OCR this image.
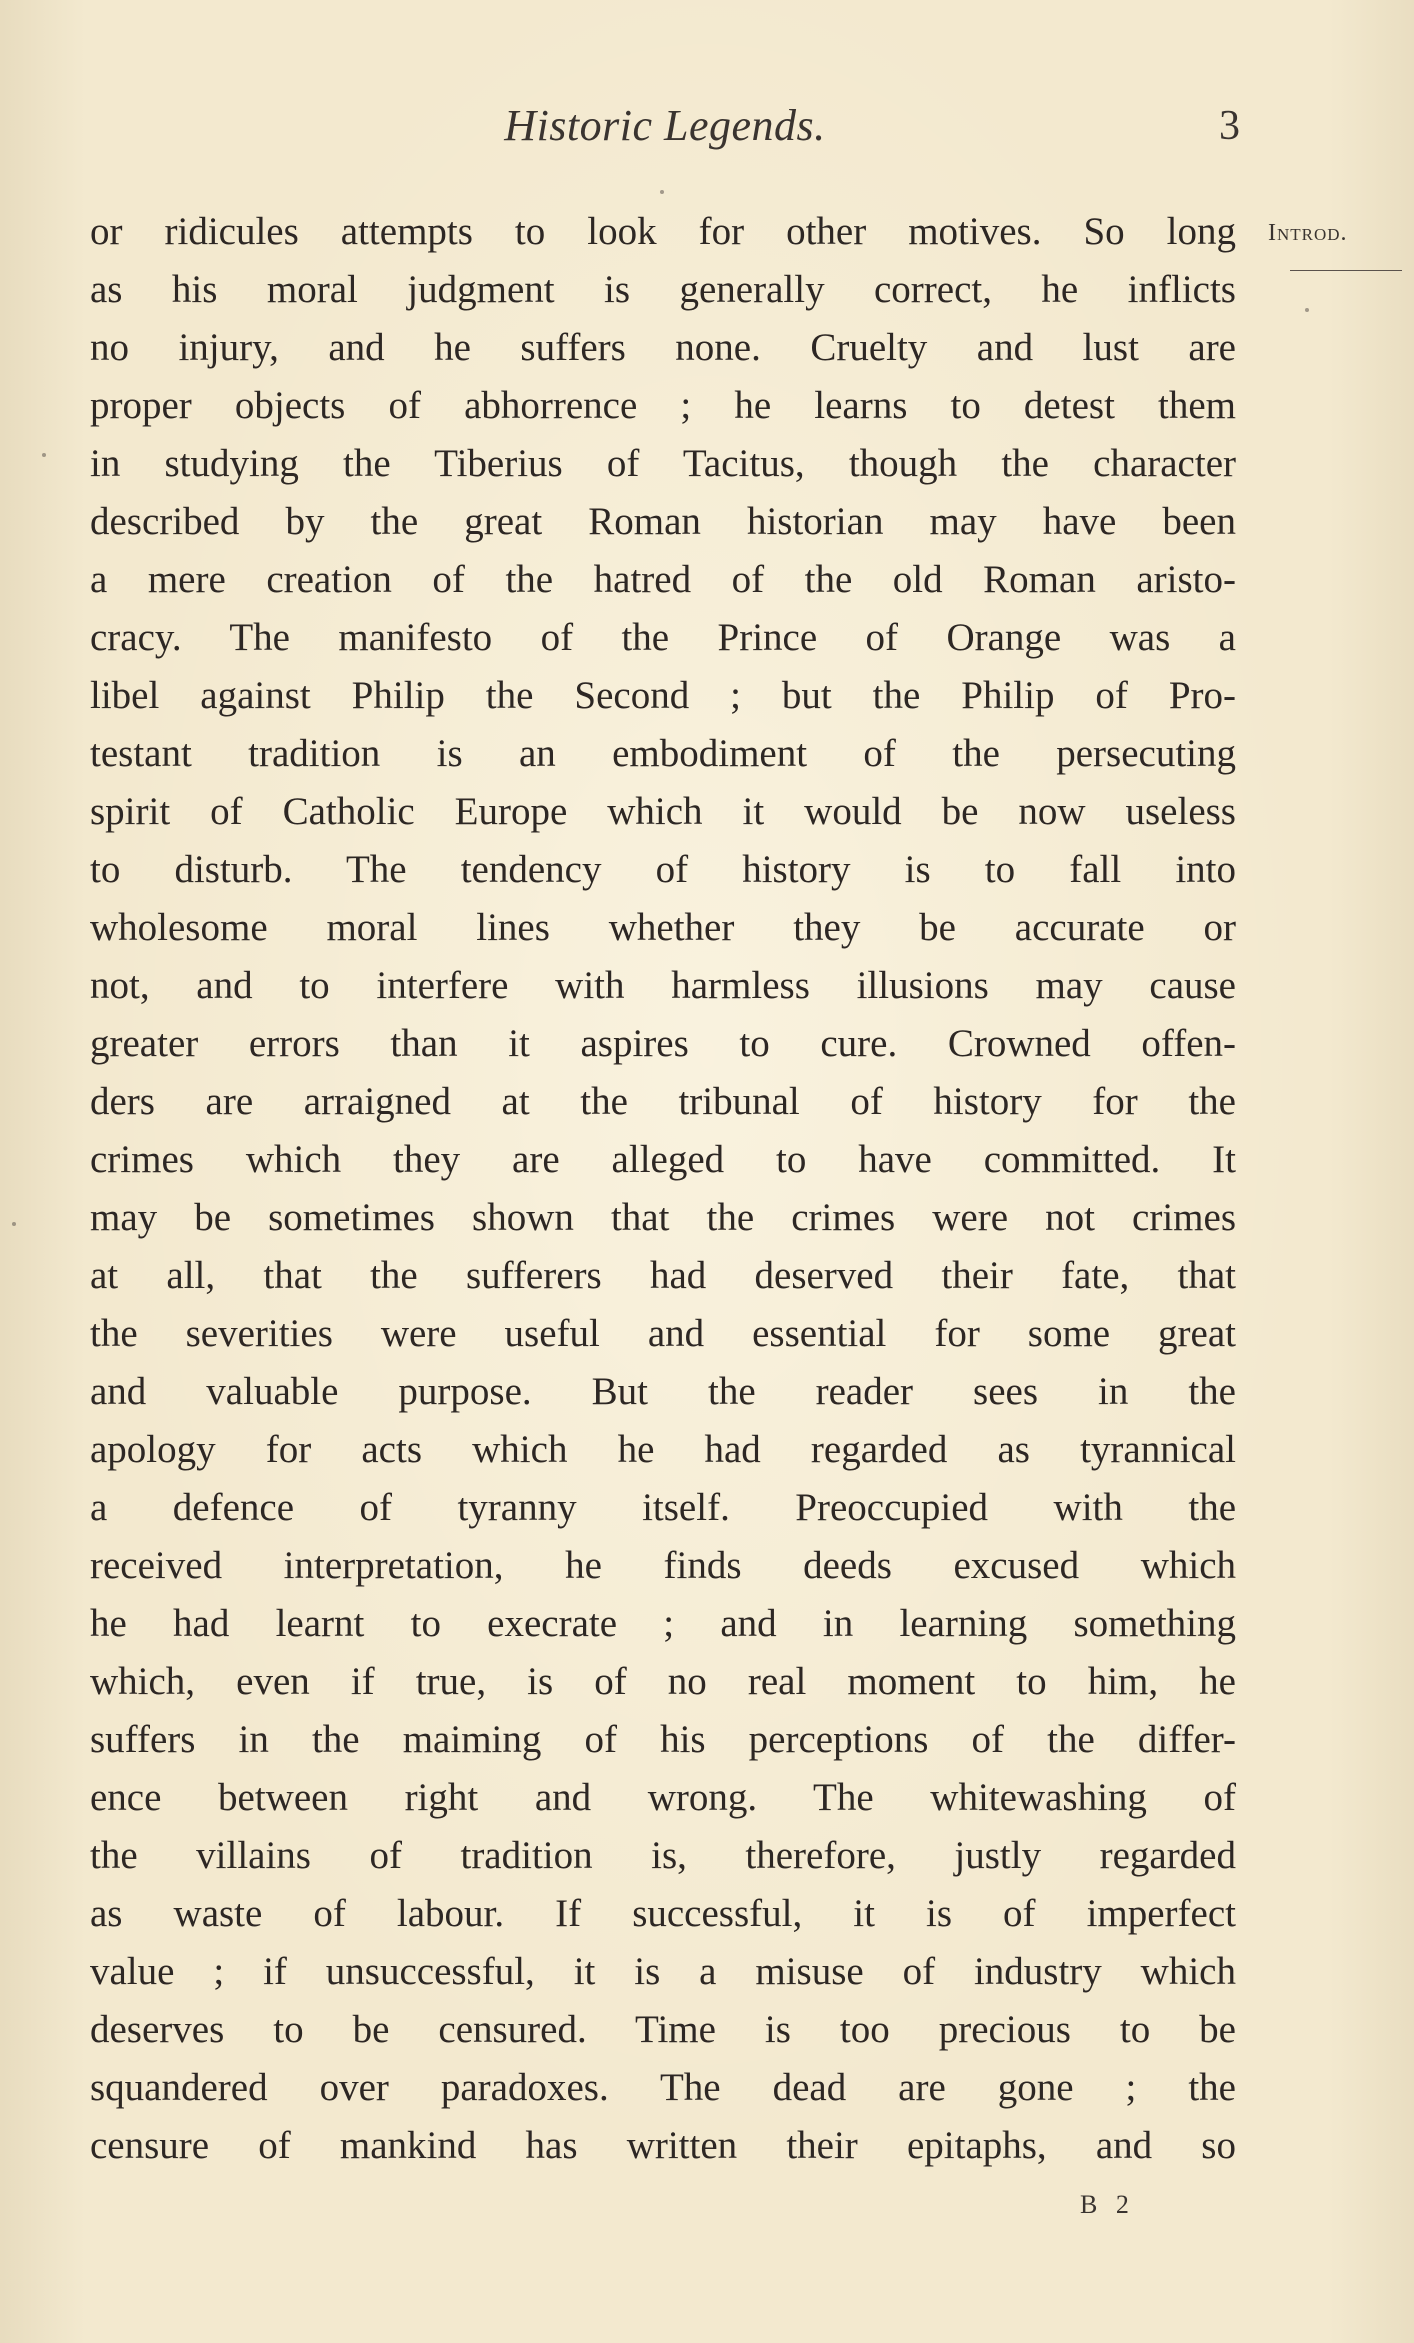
Historic Legends.	3
Introd.
or ridicules attempts to look for other motives. So long
as his moral judgment is generally correct, he inflicts
no injury, and he suffers none. Cruelty and lust are
proper objects of abhorrence ; he learns to detest them
in studying the Tiberius of Tacitus, though the character
described by the great Roman historian may have been
a mere creation of the hatred of the old Roman aristo-
cracy. The manifesto of the Prince of Orange was a
libel against Philip the Second ; but the Philip of Pro-
testant tradition is an embodiment of the persecuting
spirit of Catholic Europe which it would be now useless
to disturb. The tendency of history is to fall into
wholesome moral lines whether they be accurate or
not, and to interfere with harmless illusions may cause
greater errors than it aspires to cure. Crowned offen-
ders are arraigned at the tribunal of history for the
crimes which they are alleged to have committed. It
may be sometimes shown that the crimes were not crimes
at all, that the sufferers had deserved their fate, that
the severities were useful and essential for some great
and valuable purpose. But the reader sees in the
apology for acts which he had regarded as tyrannical
a defence of tyranny itself. Preoccupied with the
received interpretation, he finds deeds excused which
he had learnt to execrate ; and in learning something
which, even if true, is of no real moment to him, he
suffers in the maiming of his perceptions of the differ-
ence between right and wrong. The whitewashing of
the villains of tradition is, therefore, justly regarded
as waste of labour. If successful, it is of imperfect
value ; if unsuccessful, it is a misuse of industry which
deserves to be censured. Time is too precious to be
squandered over paradoxes. The dead are gone ; the
censure of mankind has written their epitaphs, and so
B 2
